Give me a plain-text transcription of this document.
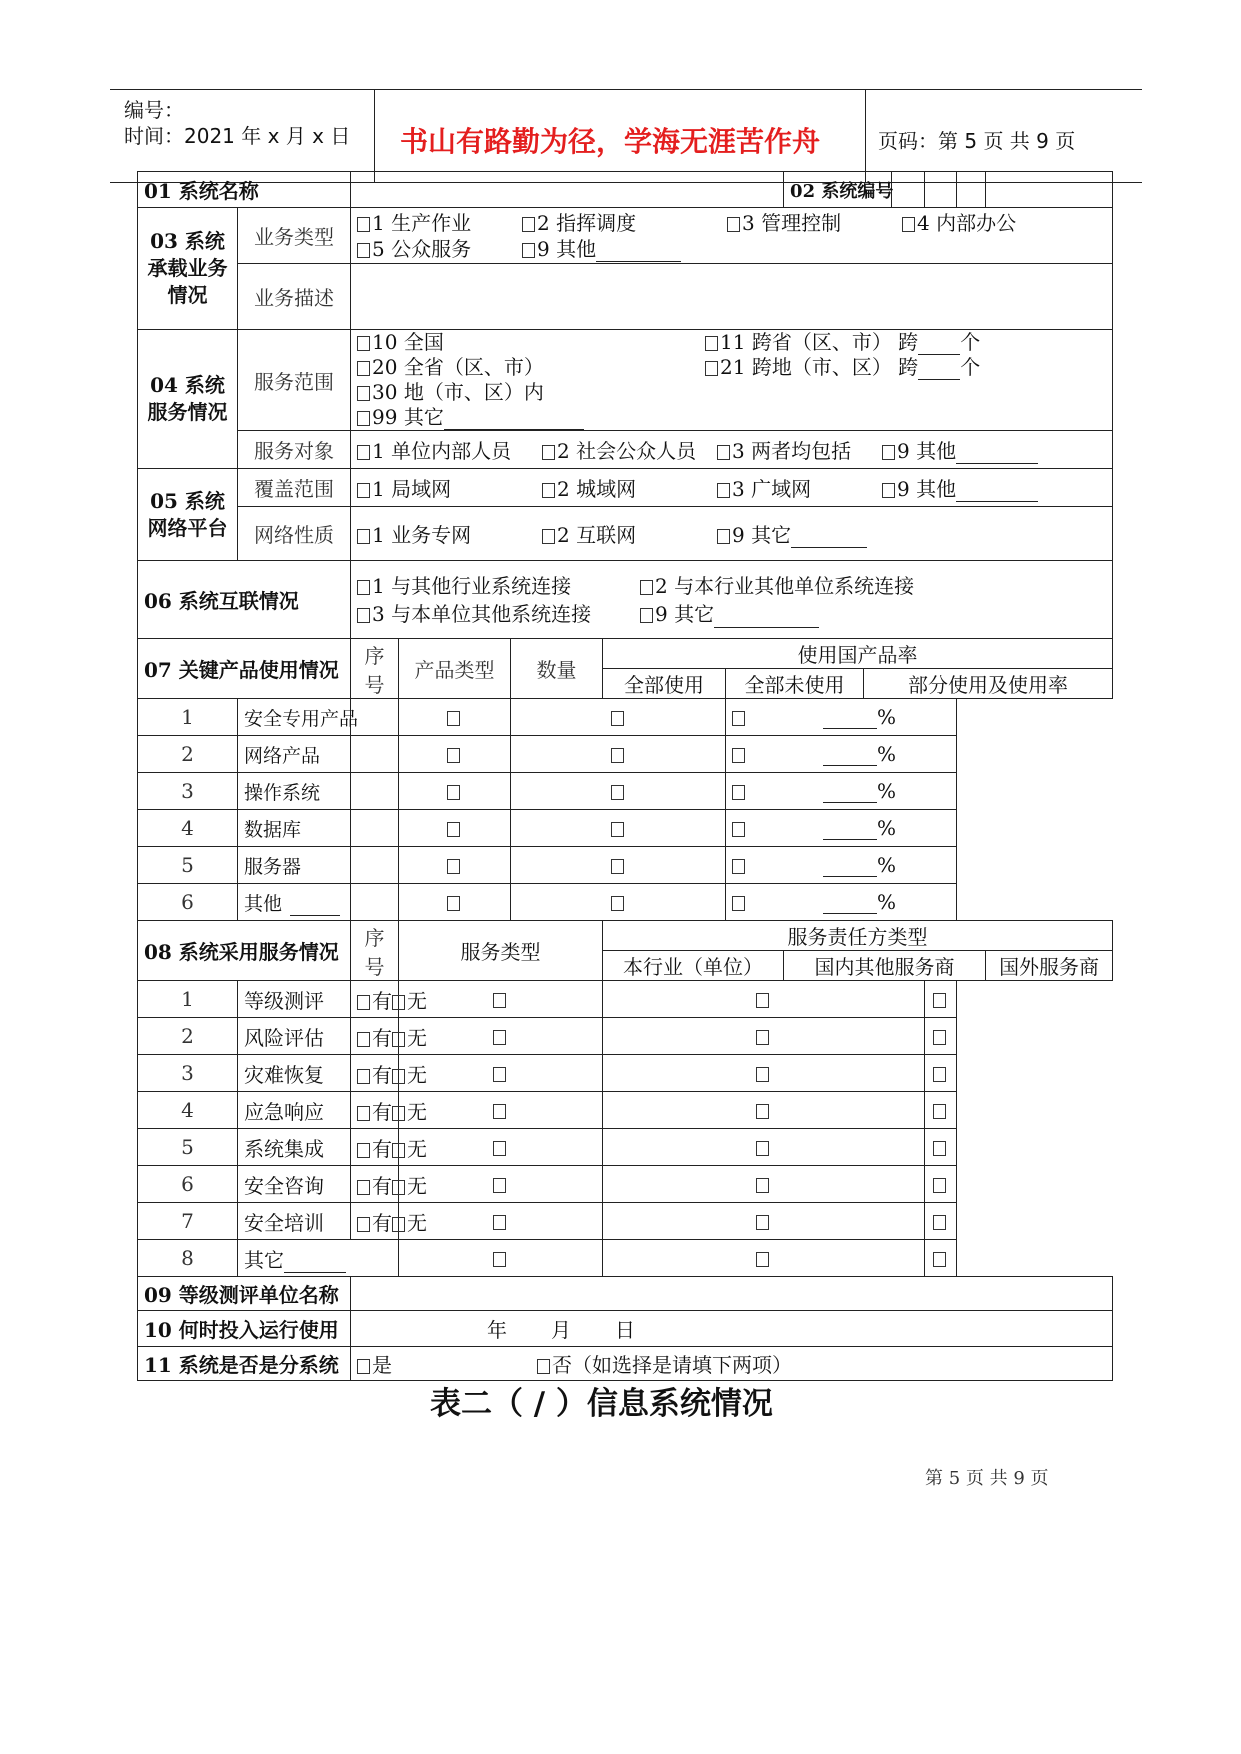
编号：
时间：2021 年 x 月 x 日 书山有路勤为径，学海无涯苦作舟	页码：第 5 页 共 9 页
01 系统名称							02 系统编号					
03 系统承载业务情况	业务类型	1 生产作业 2 指挥调度 3 管理控制 4 内部办公
5 公众服务 9 其他										

	业务描述											
04 系统服务情况	服务范围	10 全国 11 跨省（区、市） 跨 个
20 全省（区、市） 21 跨地（市、区） 跨 个
30 地（市、区）内
99 其它										

	服务对象	1 单位内部人员 2 社会公众人员 3 两者均包括 9 其他										
05 系统网络平台	覆盖范围	1 局域网 2 城域网 3 广域网 9 其他										
	网络性质	1 业务专网 2 互联网 9 其它										
06 系统互联情况		1 与其他行业系统连接 2 与本行业其他单位系统连接
3 与本单位其他系统连接 9 其它										

07 关键产品使用情况		序号	产品类型	数量	使用国产品率							
					全部使用	全部未使用		部分使用及使用率				
1	安全专用产品					%						
2	网络产品					%						
3	操作系统					%						
4	数据库					%						
5	服务器					%						
6	其他					%						
08 系统采用服务情况		序号	服务类型		服务责任方类型							
					本行业（单位）		国内其他服务商					国外服务商
1	等级测评	有 无										
2	风险评估	有 无										
3	灾难恢复	有 无										
4	应急响应	有 无										
5	系统集成	有 无										
6	安全咨询	有 无										
7	安全培训	有 无										
8	其它											
09 等级测评单位名称												
10 何时投入运行使用		年 月 日										
11 系统是否是分系统		是 否（如选择是请填下两项）										
表二（ / ）信息系统情况
第 5 页 共 9 页
